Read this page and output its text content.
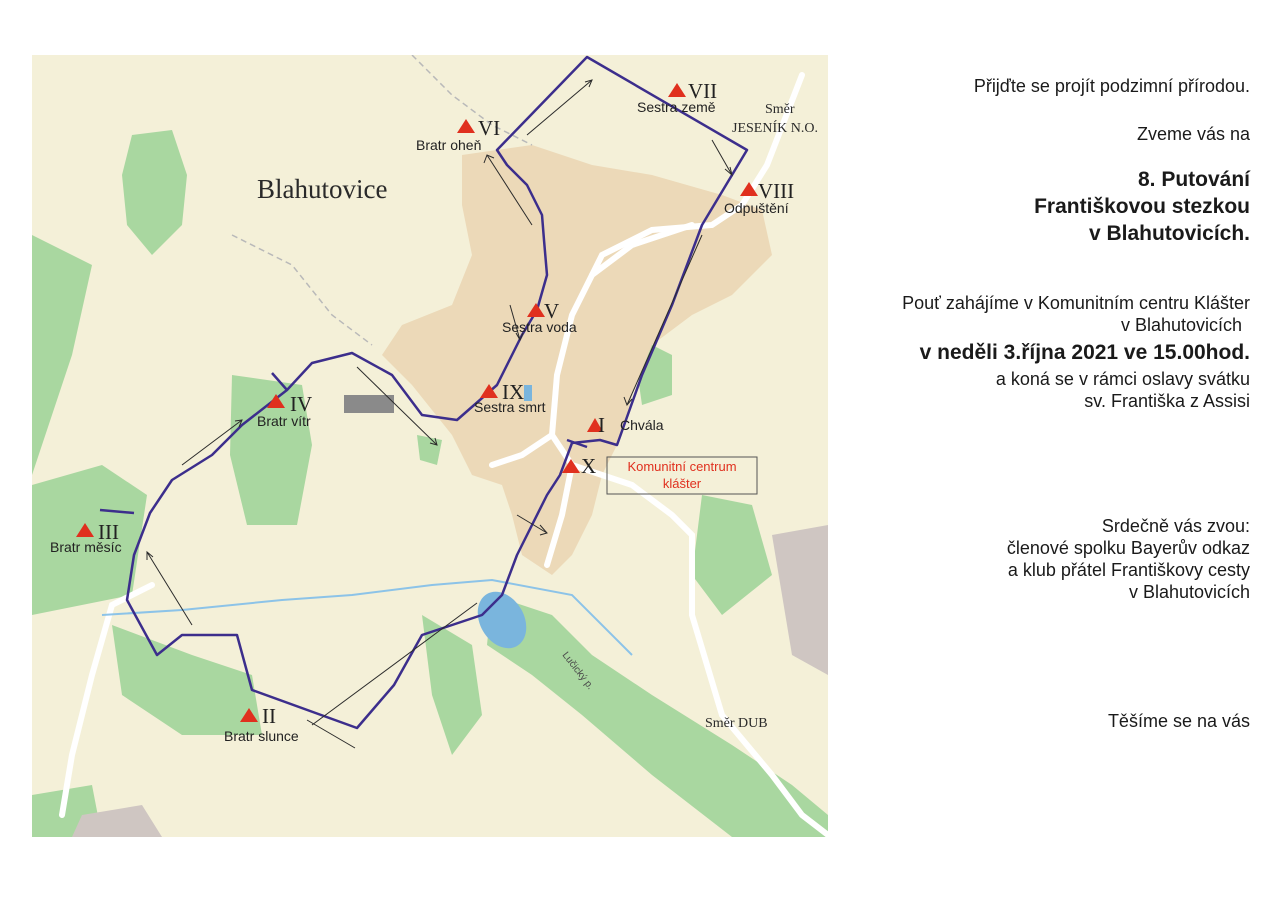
Blahutovice
Lučický p.
Směr
JESENÍK N.O.
Směr DUB
I Chvála
II
Bratr slunce
III
Bratr měsíc
IV
Bratr vítr
V
Sestra voda
VI
Bratr oheň
VII
Sestra země
VIII
Odpuštění
IX
Sestra smrt
X Komunitní centrum
klášter
Přijďte se projít podzimní přírodou.
Zveme vás na
8. Putování
Františkovou stezkou
v Blahutovicích.
Pouť zahájíme v Komunitním centru Klášter
v Blahutovicích
v neděli 3.října 2021 ve 15.00hod.
a koná se v rámci oslavy svátku
sv. Františka z Assisi
Srdečně vás zvou:
členové spolku Bayerův odkaz
a klub přátel Františkovy cesty
v Blahutovicích
Těšíme se na vás
